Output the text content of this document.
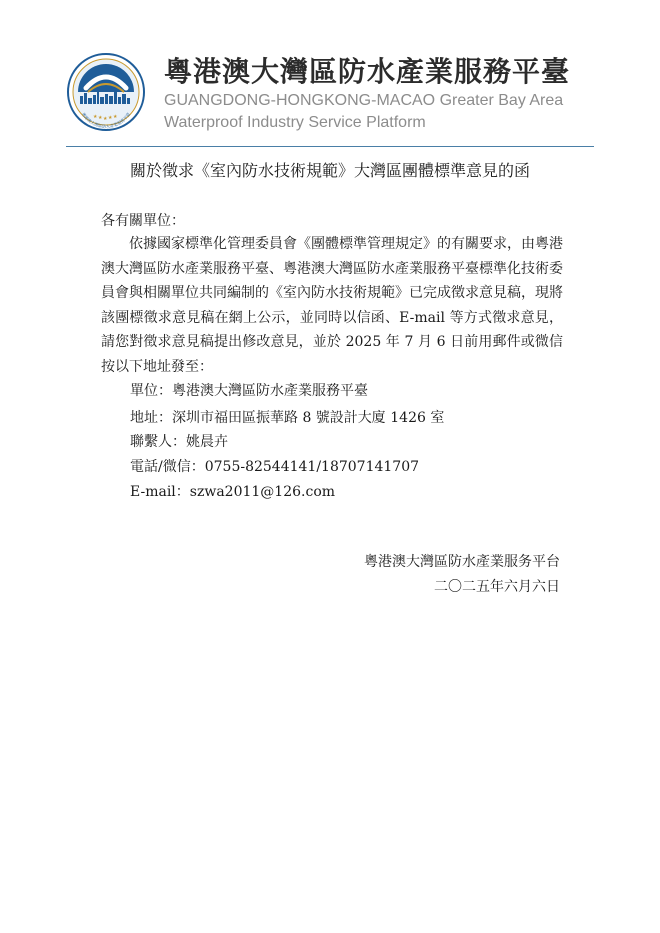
粵港澳大灣區防水產業服務平臺
★ ★ ★ ★ ★
粵港澳大灣區防水產業服務平臺
GUANGDONG-HONGKONG-MACAO Greater Bay Area
Waterproof Industry Service Platform
關於徵求《室內防水技術規範》大灣區團體標準意見的函
各有關單位：
依據國家標準化管理委員會《團體標準管理規定》的有關要求，由粵港澳大灣區防水產業服務平臺、粵港澳大灣區防水產業服務平臺標準化技術委員會與相關單位共同編制的《室內防水技術規範》已完成徵求意見稿，現將該團標徵求意見稿在網上公示，並同時以信函、E-mail 等方式徵求意見，請您對徵求意見稿提出修改意見，並於 2025 年 7 月 6 日前用郵件或微信按以下地址發至：
單位：粵港澳大灣區防水產業服務平臺
地址：深圳市福田區振華路 8 號設計大廈 1426 室
聯繫人：姚晨卉
電話/微信：0755-82544141/18707141707
E-mail：szwa2011@126.com
粵港澳大灣區防水產業服务平台
二〇二五年六月六日
